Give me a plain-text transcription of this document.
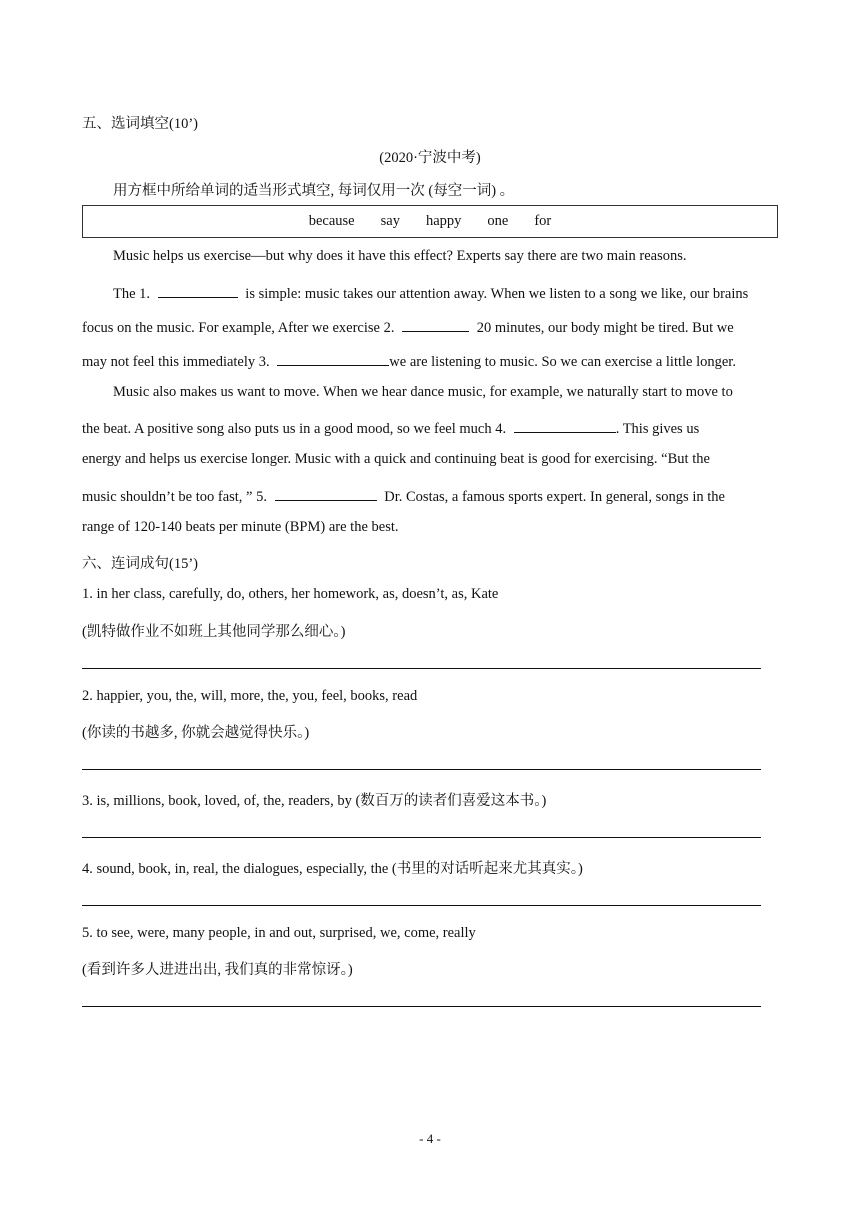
五、选词填空(10’)
(2020·宁波中考)
用方框中所给单词的适当形式填空, 每词仅用一次 (每空一词) 。
because say happy one for
Music helps us exercise—but why does it have this effect? Experts say there are two main reasons.
The 1.	is simple: music takes our attention away. When we listen to a song we like, our brains
focus on the music. For example, After we exercise 2.	20 minutes, our body might be tired. But we
may not feel this immediately 3.	we are listening to music. So we can exercise a little longer.
Music also makes us want to move. When we hear dance music, for example, we naturally start to move to
the beat. A positive song also puts us in a good mood, so we feel much 4.	. This gives us
energy and helps us exercise longer. Music with a quick and continuing beat is good for exercising. “But the
music shouldn’t be too fast, ” 5.	Dr. Costas, a famous sports expert. In general, songs in the
range of 120-140 beats per minute (BPM) are the best.
六、连词成句(15’)
1. in her class, carefully, do, others, her homework, as, doesn’t, as, Kate
(凯特做作业不如班上其他同学那么细心。)
2. happier, you, the, will, more, the, you, feel, books, read
(你读的书越多, 你就会越觉得快乐。)
3. is, millions, book, loved, of, the, readers, by (数百万的读者们喜爱这本书。)
4. sound, book, in, real, the dialogues, especially, the (书里的对话听起来尤其真实。)
5. to see, were, many people, in and out, surprised, we, come, really
(看到许多人进进出出, 我们真的非常惊讶。)
- 4 -
